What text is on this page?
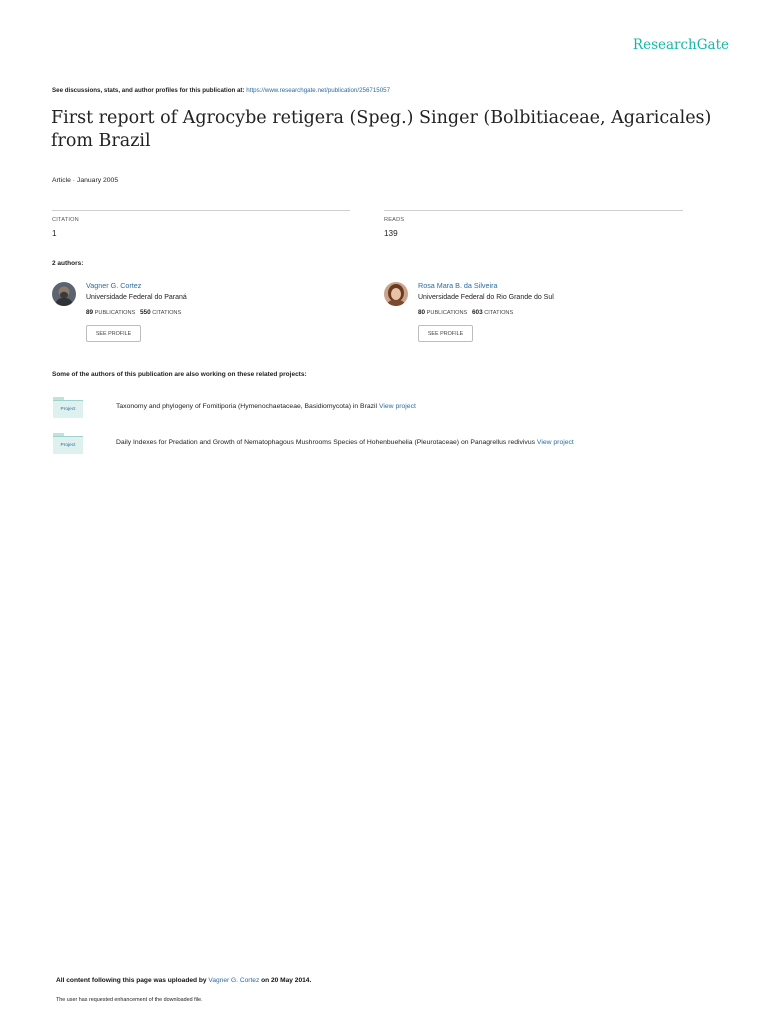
ResearchGate
See discussions, stats, and author profiles for this publication at: https://www.researchgate.net/publication/256715057
First report of Agrocybe retigera (Speg.) Singer (Bolbitiaceae, Agaricales) from Brazil
Article · January 2005
CITATION
1
READS
139
2 authors:
Vagner G. Cortez
Universidade Federal do Paraná
89 PUBLICATIONS 550 CITATIONS
SEE PROFILE
Rosa Mara B. da Silveira
Universidade Federal do Rio Grande do Sul
80 PUBLICATIONS 603 CITATIONS
SEE PROFILE
Some of the authors of this publication are also working on these related projects:
Project	Taxonomy and phylogeny of Fomitiporia (Hymenochaetaceae, Basidiomycota) in Brazil View project
Project	Daily Indexes for Predation and Growth of Nematophagous Mushrooms Species of Hohenbuehelia (Pleurotaceae) on Panagrellus redivivus View project
All content following this page was uploaded by Vagner G. Cortez on 20 May 2014.
The user has requested enhancement of the downloaded file.
